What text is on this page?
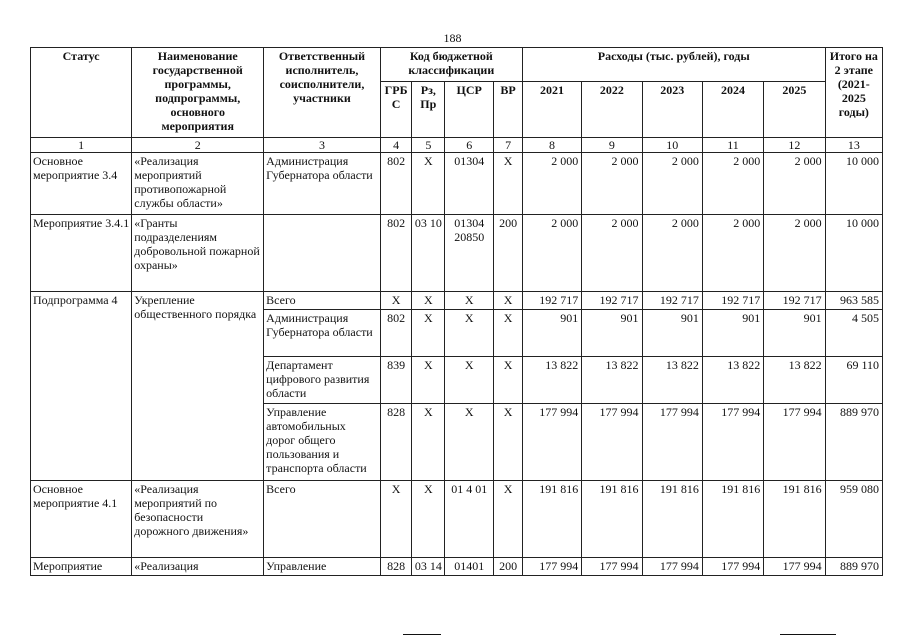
188
Статус	Наименование государственной программы, подпрограммы, основного мероприятия	Ответственный исполнитель, соисполнители, участники	Код бюджетной классификации				Расходы (тыс. рублей), годы					Итого на 2 этапе (2021-2025 годы)
			ГРБ С	Рз, Пр	ЦСР	ВР	2021	2022	2023	2024	2025	
1	2	3	4	5	6	7	8	9	10	11	12	13
Основное мероприятие 3.4	«Реализация мероприятий противопожарной службы области»	Администрация Губернатора области	802	Х	01304	Х	2 000	2 000	2 000	2 000	2 000	10 000
Мероприятие 3.4.1	«Гранты подразделениям добровольной пожарной охраны»		802	03 10	01304 20850	200	2 000	2 000	2 000	2 000	2 000	10 000
Подпрограмма 4	Укрепление общественного порядка	Всего	Х	Х	Х	Х	192 717	192 717	192 717	192 717	192 717	963 585
		Администрация Губернатора области	802	Х	Х	Х	901	901	901	901	901	4 505
		Департамент цифрового развития области	839	Х	Х	Х	13 822	13 822	13 822	13 822	13 822	69 110
		Управление автомобильных дорог общего пользования и транспорта области	828	Х	Х	Х	177 994	177 994	177 994	177 994	177 994	889 970
Основное мероприятие 4.1	«Реализация мероприятий по безопасности дорожного движения»	Всего	Х	Х	01 4 01	Х	191 816	191 816	191 816	191 816	191 816	959 080
Мероприятие	«Реализация	Управление	828	03 14	01401	200	177 994	177 994	177 994	177 994	177 994	889 970
